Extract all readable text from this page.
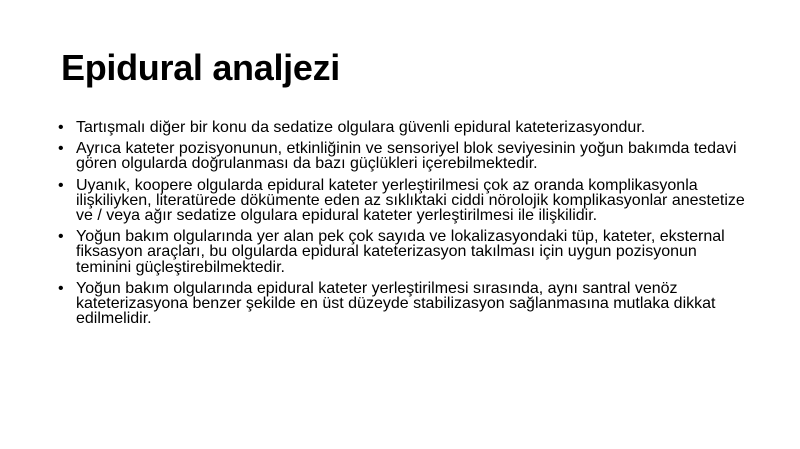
Epidural analjezi
• Tartışmalı diğer bir konu da sedatize olgulara güvenli epidural kateterizasyondur.
• Ayrıca kateter pozisyonunun, etkinliğinin ve sensoriyel blok seviyesinin yoğun bakımda tedavi gören olgularda doğrulanması da bazı güçlükleri içerebilmektedir.
• Uyanık, koopere olgularda epidural kateter yerleştirilmesi çok az oranda komplikasyonla ilişkiliyken, literatürede dökümente eden az sıklıktaki ciddi nörolojik komplikasyonlar anestetize ve / veya ağır sedatize olgulara epidural kateter yerleştirilmesi ile ilişkilidir.
• Yoğun bakım olgularında yer alan pek çok sayıda ve lokalizasyondaki tüp, kateter, eksternal fiksasyon araçları, bu olgularda epidural kateterizasyon takılması için uygun pozisyonun teminini güçleştirebilmektedir.
• Yoğun bakım olgularında epidural kateter yerleştirilmesi sırasında, aynı santral venöz kateterizasyona benzer şekilde en üst düzeyde stabilizasyon sağlanmasına mutlaka dikkat edilmelidir.
